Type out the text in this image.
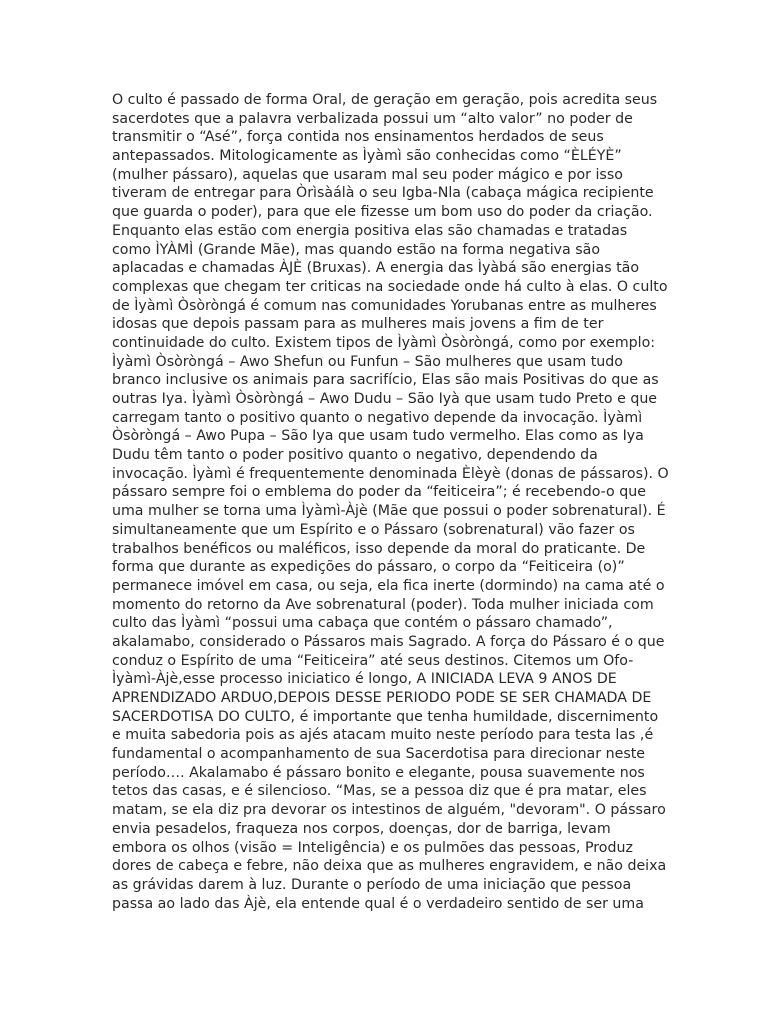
O culto é passado de forma Oral, de geração em geração, pois acredita seus
sacerdotes que a palavra verbalizada possui um “alto valor” no poder de
transmitir o “Asé”, força contida nos ensinamentos herdados de seus
antepassados. Mitologicamente as Ìyàmì são conhecidas como “ÈLÉYÈ”
(mulher pássaro), aquelas que usaram mal seu poder mágico e por isso
tiveram de entregar para Òrìsàálà o seu Igba-Nla (cabaça mágica recipiente
que guarda o poder), para que ele fizesse um bom uso do poder da criação.
Enquanto elas estão com energia positiva elas são chamadas e tratadas
como ÌYÀMÌ (Grande Mãe), mas quando estão na forma negativa são
aplacadas e chamadas ÀJÈ (Bruxas). A energia das Ìyàbá são energias tão
complexas que chegam ter criticas na sociedade onde há culto à elas. O culto
de Ìyàmì Òsòròngá é comum nas comunidades Yorubanas entre as mulheres
idosas que depois passam para as mulheres mais jovens a fim de ter
continuidade do culto. Existem tipos de Ìyàmì Òsòròngá, como por exemplo:
Ìyàmì Òsòròngá – Awo Shefun ou Funfun – São mulheres que usam tudo
branco inclusive os animais para sacrifício, Elas são mais Positivas do que as
outras Iya. Ìyàmì Òsòròngá – Awo Dudu – São Iyà que usam tudo Preto e que
carregam tanto o positivo quanto o negativo depende da invocação. Ìyàmì
Òsòròngá – Awo Pupa – São Iya que usam tudo vermelho. Elas como as Iya
Dudu têm tanto o poder positivo quanto o negativo, dependendo da
invocação. Ìyàmì é frequentemente denominada Èlèyè (donas de pássaros). O
pássaro sempre foi o emblema do poder da “feiticeira”; é recebendo-o que
uma mulher se torna uma Ìyàmì-Àjè (Mãe que possui o poder sobrenatural). É
simultaneamente que um Espírito e o Pássaro (sobrenatural) vão fazer os
trabalhos benéficos ou maléficos, isso depende da moral do praticante. De
forma que durante as expedições do pássaro, o corpo da “Feiticeira (o)”
permanece imóvel em casa, ou seja, ela fica inerte (dormindo) na cama até o
momento do retorno da Ave sobrenatural (poder). Toda mulher iniciada com
culto das Ìyàmì “possui uma cabaça que contém o pássaro chamado”,
akalamabo, considerado o Pássaros mais Sagrado. A força do Pássaro é o que
conduz o Espírito de uma “Feiticeira” até seus destinos. Citemos um Ofo-
Ìyàmì-Àjè,esse processo iniciatico é longo, A INICIADA LEVA 9 ANOS DE
APRENDIZADO ARDUO,DEPOIS DESSE PERIODO PODE SE SER CHAMADA DE
SACERDOTISA DO CULTO, é importante que tenha humildade, discernimento
e muita sabedoria pois as ajés atacam muito neste período para testa las ,é
fundamental o acompanhamento de sua Sacerdotisa para direcionar neste
período…. Akalamabo é pássaro bonito e elegante, pousa suavemente nos
tetos das casas, e é silencioso. “Mas, se a pessoa diz que é pra matar, eles
matam, se ela diz pra devorar os intestinos de alguém, "devoram". O pássaro
envia pesadelos, fraqueza nos corpos, doenças, dor de barriga, levam
embora os olhos (visão = Inteligência) e os pulmões das pessoas, Produz
dores de cabeça e febre, não deixa que as mulheres engravidem, e não deixa
as grávidas darem à luz. Durante o período de uma iniciação que pessoa
passa ao lado das Àjè, ela entende qual é o verdadeiro sentido de ser uma
